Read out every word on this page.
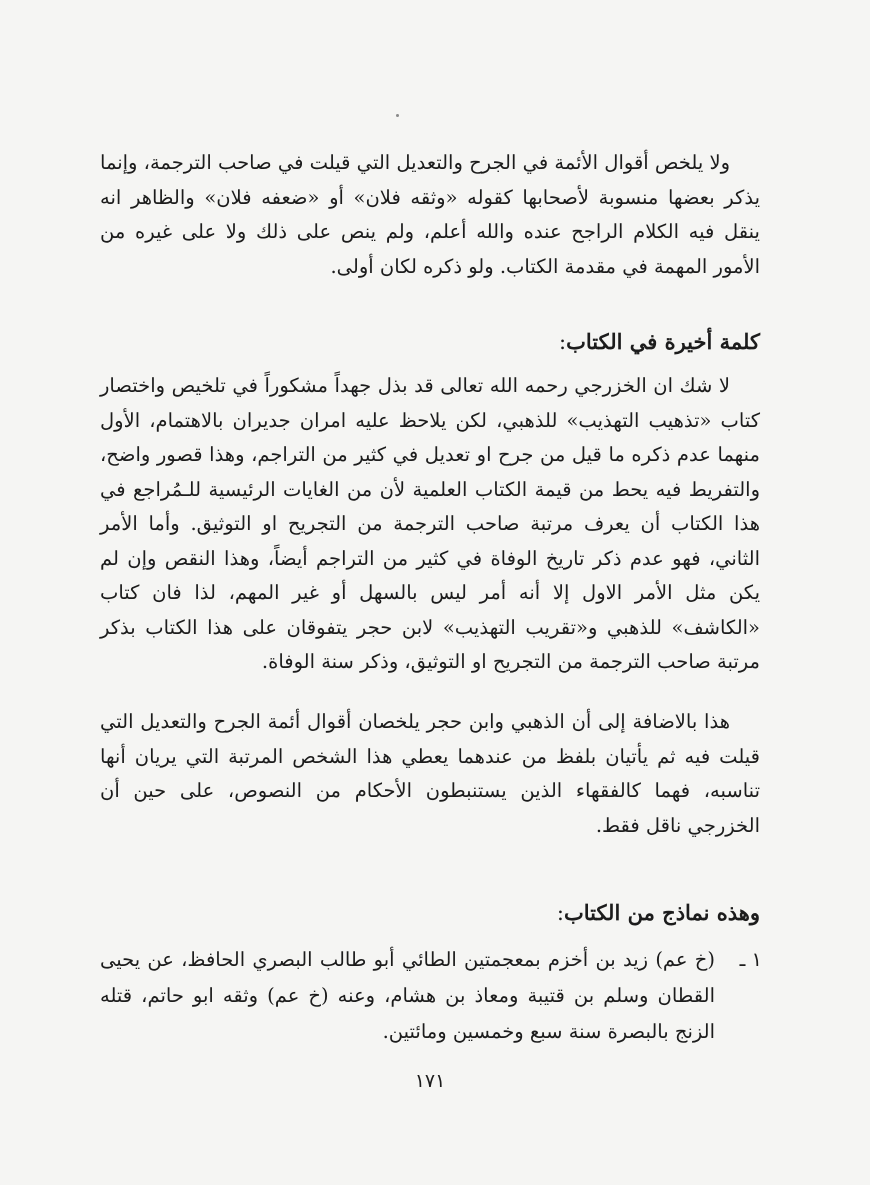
ولا يلخص أقوال الأئمة في الجرح والتعديل التي قيلت في صاحب الترجمة، وإنما يذكر بعضها منسوبة لأصحابها كقوله «وثقه فلان» أو «ضعفه فلان» والظاهر انه ينقل فيه الكلام الراجح عنده والله أعلم، ولم ينص على ذلك ولا على غيره من الأمور المهمة في مقدمة الكتاب. ولو ذكره لكان أولى.

كلمة أخيرة في الكتاب:

لا شك ان الخزرجي رحمه الله تعالى قد بذل جهداً مشكوراً في تلخيص واختصار كتاب «تذهيب التهذيب» للذهبي، لكن يلاحظ عليه امران جديران بالاهتمام، الأول منهما عدم ذكره ما قيل من جرح او تعديل في كثير من التراجم، وهذا قصور واضح، والتفريط فيه يحط من قيمة الكتاب العلمية لأن من الغايات الرئيسية للـمُراجع في هذا الكتاب أن يعرف مرتبة صاحب الترجمة من التجريح او التوثيق. وأما الأمر الثاني، فهو عدم ذكر تاريخ الوفاة في كثير من التراجم أيضاً، وهذا النقص وإن لم يكن مثل الأمر الاول إلا أنه أمر ليس بالسهل أو غير المهم، لذا فان كتاب «الكاشف» للذهبي و«تقريب التهذيب» لابن حجر يتفوقان على هذا الكتاب بذكر مرتبة صاحب الترجمة من التجريح او التوثيق، وذكر سنة الوفاة.

هذا بالاضافة إلى أن الذهبي وابن حجر يلخصان أقوال أئمة الجرح والتعديل التي قيلت فيه ثم يأتيان بلفظ من عندهما يعطي هذا الشخص المرتبة التي يريان أنها تناسبه، فهما كالفقهاء الذين يستنبطون الأحكام من النصوص، على حين أن الخزرجي ناقل فقط.

وهذه نماذج من الكتاب:
١ ـ
(خ عم) زيد بن أخزم بمعجمتين الطائي أبو طالب البصري الحافظ، عن يحيى القطان وسلم بن قتيبة ومعاذ بن هشام، وعنه (خ عم) وثقه ابو حاتم، قتله الزنج بالبصرة سنة سبع وخمسين ومائتين.
١٧١
